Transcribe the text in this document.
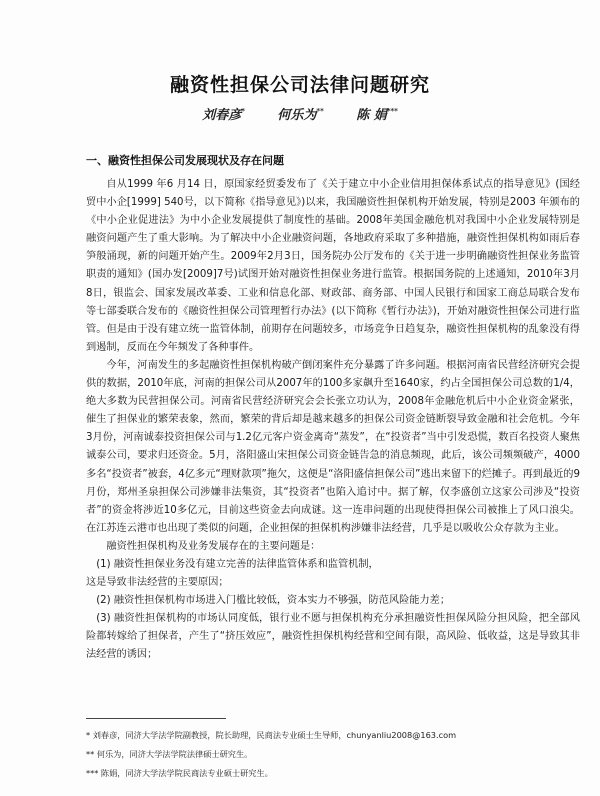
融资性担保公司法律问题研究
刘春彦*	何乐为**	陈 娟***
一、融资性担保公司发展现状及存在问题

自从1999 年6 月14 日，原国家经贸委发布了《关于建立中小企业信用担保体系试点的指导意见》(国经贸中小企[1999] 540号，以下简称《指导意见》)以来，我国融资性担保机构开始发展，特别是2003 年颁布的《中小企业促进法》为中小企业发展提供了制度性的基础。2008年美国金融危机对我国中小企业发展特别是融资问题产生了重大影响。为了解决中小企业融资问题，各地政府采取了多种措施，融资性担保机构如雨后春笋般涌现，新的问题开始产生。2009年2月3日，国务院办公厅发布的《关于进一步明确融资性担保业务监管职责的通知》(国办发[2009]7号)试图开始对融资性担保业务进行监管。根据国务院的上述通知，2010年3月8日，银监会、国家发展改革委、工业和信息化部、财政部、商务部、中国人民银行和国家工商总局联合发布等七部委联合发布的《融资性担保公司管理暂行办法》(以下简称《暂行办法》)，开始对融资性担保公司进行监管。但是由于没有建立统一监管体制，前期存在问题较多，市场竞争日趋复杂，融资性担保机构的乱象没有得到遏制，反而在今年频发了各种事件。

今年，河南发生的多起融资性担保机构破产倒闭案件充分暴露了许多问题。根据河南省民营经济研究会提供的数据，2010年底，河南的担保公司从2007年的100多家飙升至1640家，约占全国担保公司总数的1/4，绝大多数为民营担保公司。河南省民营经济研究会会长张立功认为，2008年金融危机后中小企业资金紧张，催生了担保业的繁荣表象，然而，繁荣的背后却是越来越多的担保公司资金链断裂导致金融和社会危机。今年3月份，河南诚泰投资担保公司与1.2亿元客户资金离奇“蒸发”，在“投资者”当中引发恐慌，数百名投资人聚焦诚泰公司，要求归还资金。5月，洛阳盛山宋担保公司资金链告急的消息频现，此后，该公司频频破产，4000多名“投资者”被套，4亿多元“理财款项”拖欠，这便是“洛阳盛信担保公司”逃出来留下的烂摊子。再到最近的9月份，郑州圣泉担保公司涉嫌非法集资，其“投资者”也陷入追讨中。据了解，仅李盛创立这家公司涉及“投资者”的资金将涉近10多亿元，目前这些资金去向成谜。这一连串问题的出现使得担保公司被推上了风口浪尖。在江苏连云港市也出现了类似的问题，企业担保的担保机构涉嫌非法经营，几乎是以吸收公众存款为主业。

融资性担保机构及业务发展存在的主要问题是：

(1) 融资性担保业务没有建立完善的法律监管体系和监管机制，

这是导致非法经营的主要原因；

(2) 融资性担保机构市场进入门槛比较低，资本实力不够强，防范风险能力差；

(3) 融资性担保机构的市场认同度低，银行业不愿与担保机构充分承担融资性担保风险分担风险，把全部风险都转嫁给了担保者，产生了“挤压效应”，融资性担保机构经营和空间有限，高风险、低收益，这是导致其非法经营的诱因；

* 刘春彦，同济大学法学院副教授，院长助理，民商法专业硕士生导师，chunyanliu2008@163.com
** 何乐为，同济大学法学院法律硕士研究生。
*** 陈娟，同济大学法学院民商法专业硕士研究生。
